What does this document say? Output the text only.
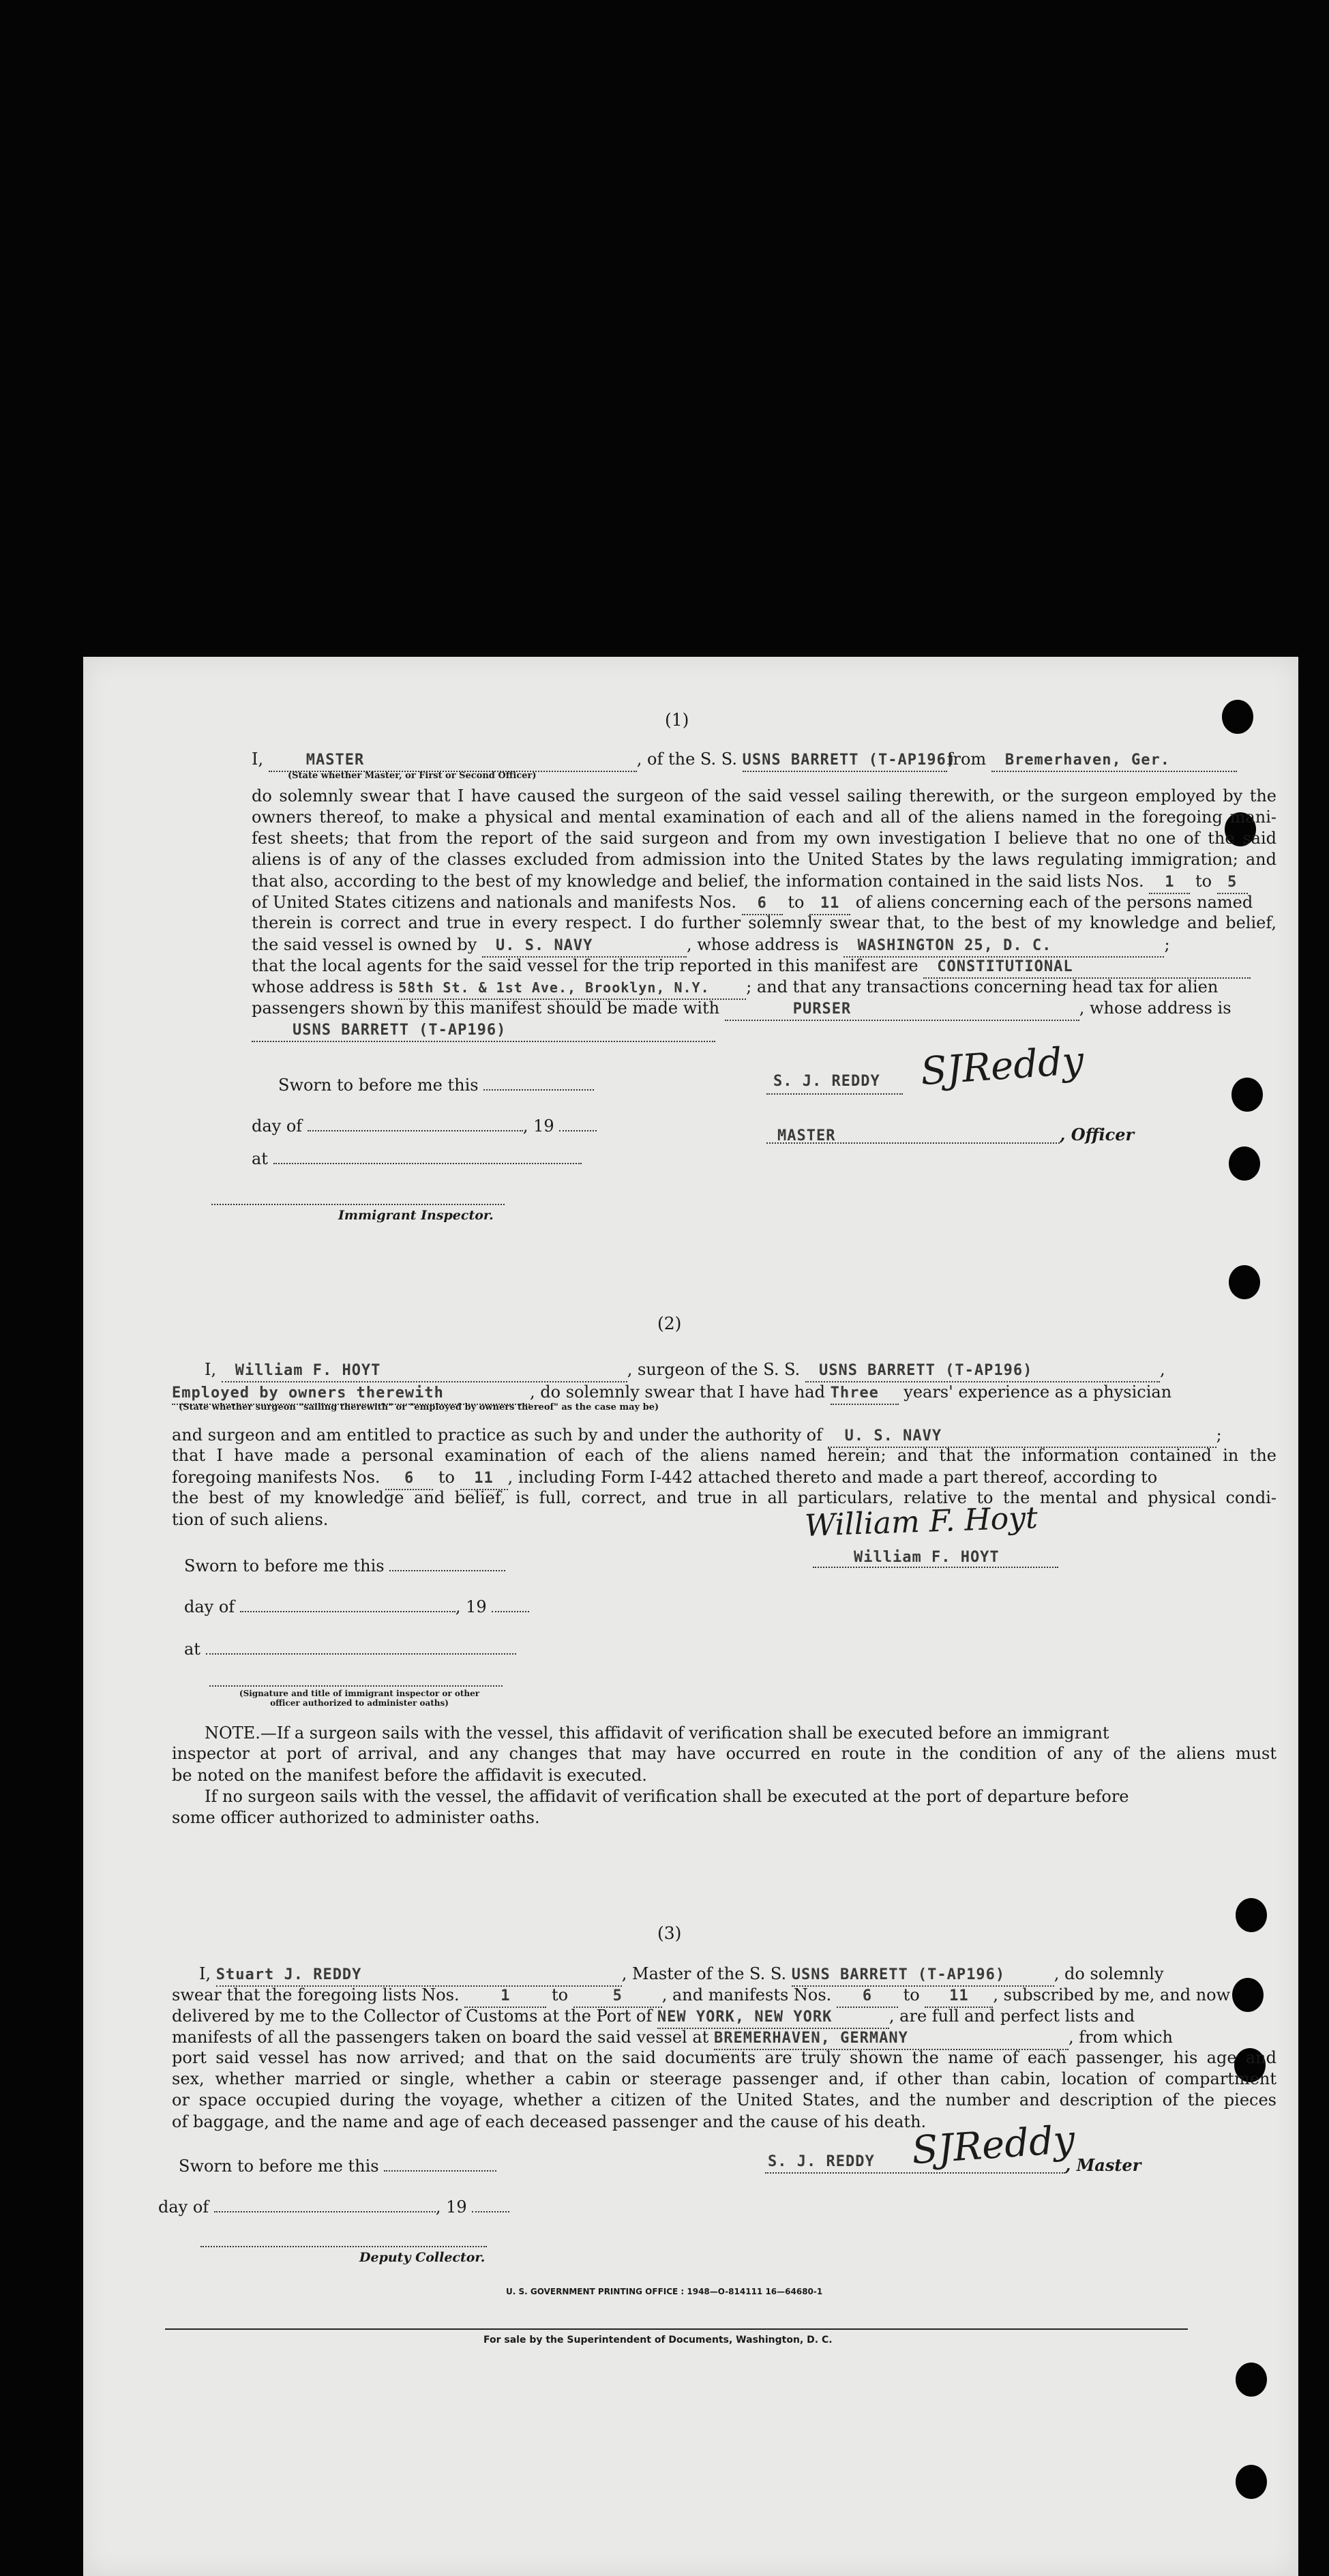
(1)
I,	MASTER	, of the S. S. USNS BARRETT (T-AP196)from Bremerhaven, Ger.
(State whether Master, or First or Second Officer)
do solemnly swear that I have caused the surgeon of the said vessel sailing therewith, or the surgeon employed by the
owners thereof, to make a physical and mental examination of each and all of the aliens named in the foregoing mani-
fest sheets; that from the report of the said surgeon and from my own investigation I believe that no one of the said
aliens is of any of the classes excluded from admission into the United States by the laws regulating immigration; and
that also, according to the best of my knowledge and belief, the information contained in the said lists Nos. 1 to 5
of United States citizens and nationals and manifests Nos. 6 to 11 of aliens concerning each of the persons named
therein is correct and true in every respect. I do further solemnly swear that, to the best of my knowledge and belief,
the said vessel is owned by U. S. NAVY	, whose address is WASHINGTON 25, D. C.	;
that the local agents for the said vessel for the trip reported in this manifest are CONSTITUTIONAL
whose address is 58th St. & 1st Ave., Brooklyn, N.Y. ; and that any transactions concerning head tax for alien
passengers shown by this manifest should be made with	PURSER	, whose address is
USNS BARRETT (T-AP196)
Sworn to before me this
day of	, 19
at
Immigrant Inspector.
S. J. REDDY SJReddy
MASTER	, Officer
(2)
I, William F. HOYT	, surgeon of the S. S. USNS BARRETT (T-AP196)	,
Employed by owners therewith	, do solemnly swear that I have had Three years' experience as a physician
(State whether surgeon "sailing therewith" or "employed by owners thereof" as the case may be)
and surgeon and am entitled to practice as such by and under the authority of U. S. NAVY	;
that I have made a personal examination of each of the aliens named herein; and that the information contained in the
foregoing manifests Nos. 6 to 11 , including Form I-442 attached thereto and made a part thereof, according to
the best of my knowledge and belief, is full, correct, and true in all particulars, relative to the mental and physical condi-
tion of such aliens.
Sworn to before me this
day of	, 19
at
(Signature and title of immigrant inspector or other officer authorized to administer oaths)
William F. Hoyt
William F. HOYT
NOTE.—If a surgeon sails with the vessel, this affidavit of verification shall be executed before an immigrant
inspector at port of arrival, and any changes that may have occurred en route in the condition of any of the aliens must
be noted on the manifest before the affidavit is executed.
If no surgeon sails with the vessel, the affidavit of verification shall be executed at the port of departure before
some officer authorized to administer oaths.
(3)
I, Stuart J. REDDY	, Master of the S. S. USNS BARRETT (T-AP196)	, do solemnly
swear that the foregoing lists Nos.	1	to	5 , and manifests Nos. 6 to 11 , subscribed by me, and now
delivered by me to the Collector of Customs at the Port of NEW YORK, NEW YORK	, are full and perfect lists and
manifests of all the passengers taken on board the said vessel at BREMERHAVEN, GERMANY	, from which
port said vessel has now arrived; and that on the said documents are truly shown the name of each passenger, his age and
sex, whether married or single, whether a cabin or steerage passenger and, if other than cabin, location of compartment
or space occupied during the voyage, whether a citizen of the United States, and the number and description of the pieces
of baggage, and the name and age of each deceased passenger and the cause of his death.
Sworn to before me this
day of	, 19
Deputy Collector.
S. J. REDDY SJReddy
, Master
U. S. GOVERNMENT PRINTING OFFICE : 1948—O-814111 16—64680-1
For sale by the Superintendent of Documents, Washington, D. C.
